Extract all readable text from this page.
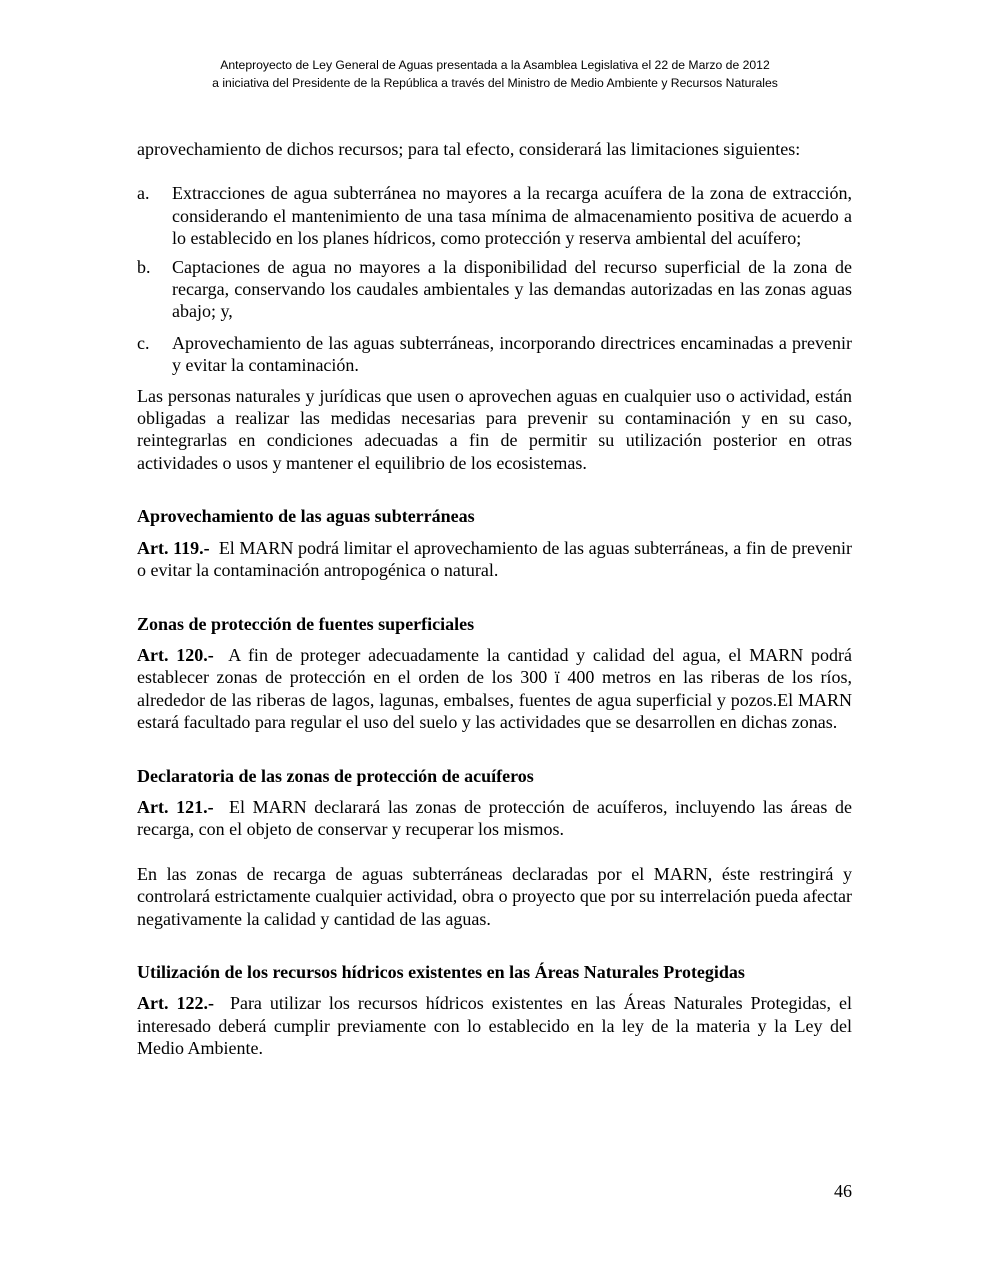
Anteproyecto de Ley General de Aguas presentada a la Asamblea Legislativa el 22 de Marzo de 2012
a iniciativa del Presidente de la República a través del Ministro de Medio Ambiente y Recursos Naturales

aprovechamiento de dichos recursos; para tal efecto, considerará las limitaciones siguientes:

a.	Extracciones de agua subterránea no mayores a la recarga acuífera de la zona de extracción, considerando el mantenimiento de una tasa mínima de almacenamiento positiva de acuerdo a lo establecido en los planes hídricos, como protección y reserva ambiental del acuífero;
b.	Captaciones de agua no mayores a la disponibilidad del recurso superficial de la zona de recarga, conservando los caudales ambientales y las demandas autorizadas en las zonas aguas abajo; y,
c.	Aprovechamiento de las aguas subterráneas, incorporando directrices encaminadas a prevenir y evitar la contaminación.

Las personas naturales y jurídicas que usen o aprovechen aguas en cualquier uso o actividad, están obligadas a realizar las medidas necesarias para prevenir su contaminación y en su caso, reintegrarlas en condiciones adecuadas a fin de permitir su utilización posterior en otras actividades o usos y mantener el equilibrio de los ecosistemas.

Aprovechamiento de las aguas subterráneas

Art. 119.- El MARN podrá limitar el aprovechamiento de las aguas subterráneas, a fin de prevenir o evitar la contaminación antropogénica o natural.

Zonas de protección de fuentes superficiales

Art. 120.- A fin de proteger adecuadamente la cantidad y calidad del agua, el MARN podrá establecer zonas de protección en el orden de los 300 ï 400 metros en las riberas de los ríos, alrededor de las riberas de lagos, lagunas, embalses, fuentes de agua superficial y pozos.El MARN estará facultado para regular el uso del suelo y las actividades que se desarrollen en dichas zonas.

Declaratoria de las zonas de protección de acuíferos

Art. 121.- El MARN declarará las zonas de protección de acuíferos, incluyendo las áreas de recarga, con el objeto de conservar y recuperar los mismos.

En las zonas de recarga de aguas subterráneas declaradas por el MARN, éste restringirá y controlará estrictamente cualquier actividad, obra o proyecto que por su interrelación pueda afectar negativamente la calidad y cantidad de las aguas.

Utilización de los recursos hídricos existentes en las Áreas Naturales Protegidas

Art. 122.- Para utilizar los recursos hídricos existentes en las Áreas Naturales Protegidas, el interesado deberá cumplir previamente con lo establecido en la ley de la materia y la Ley del Medio Ambiente.

46
